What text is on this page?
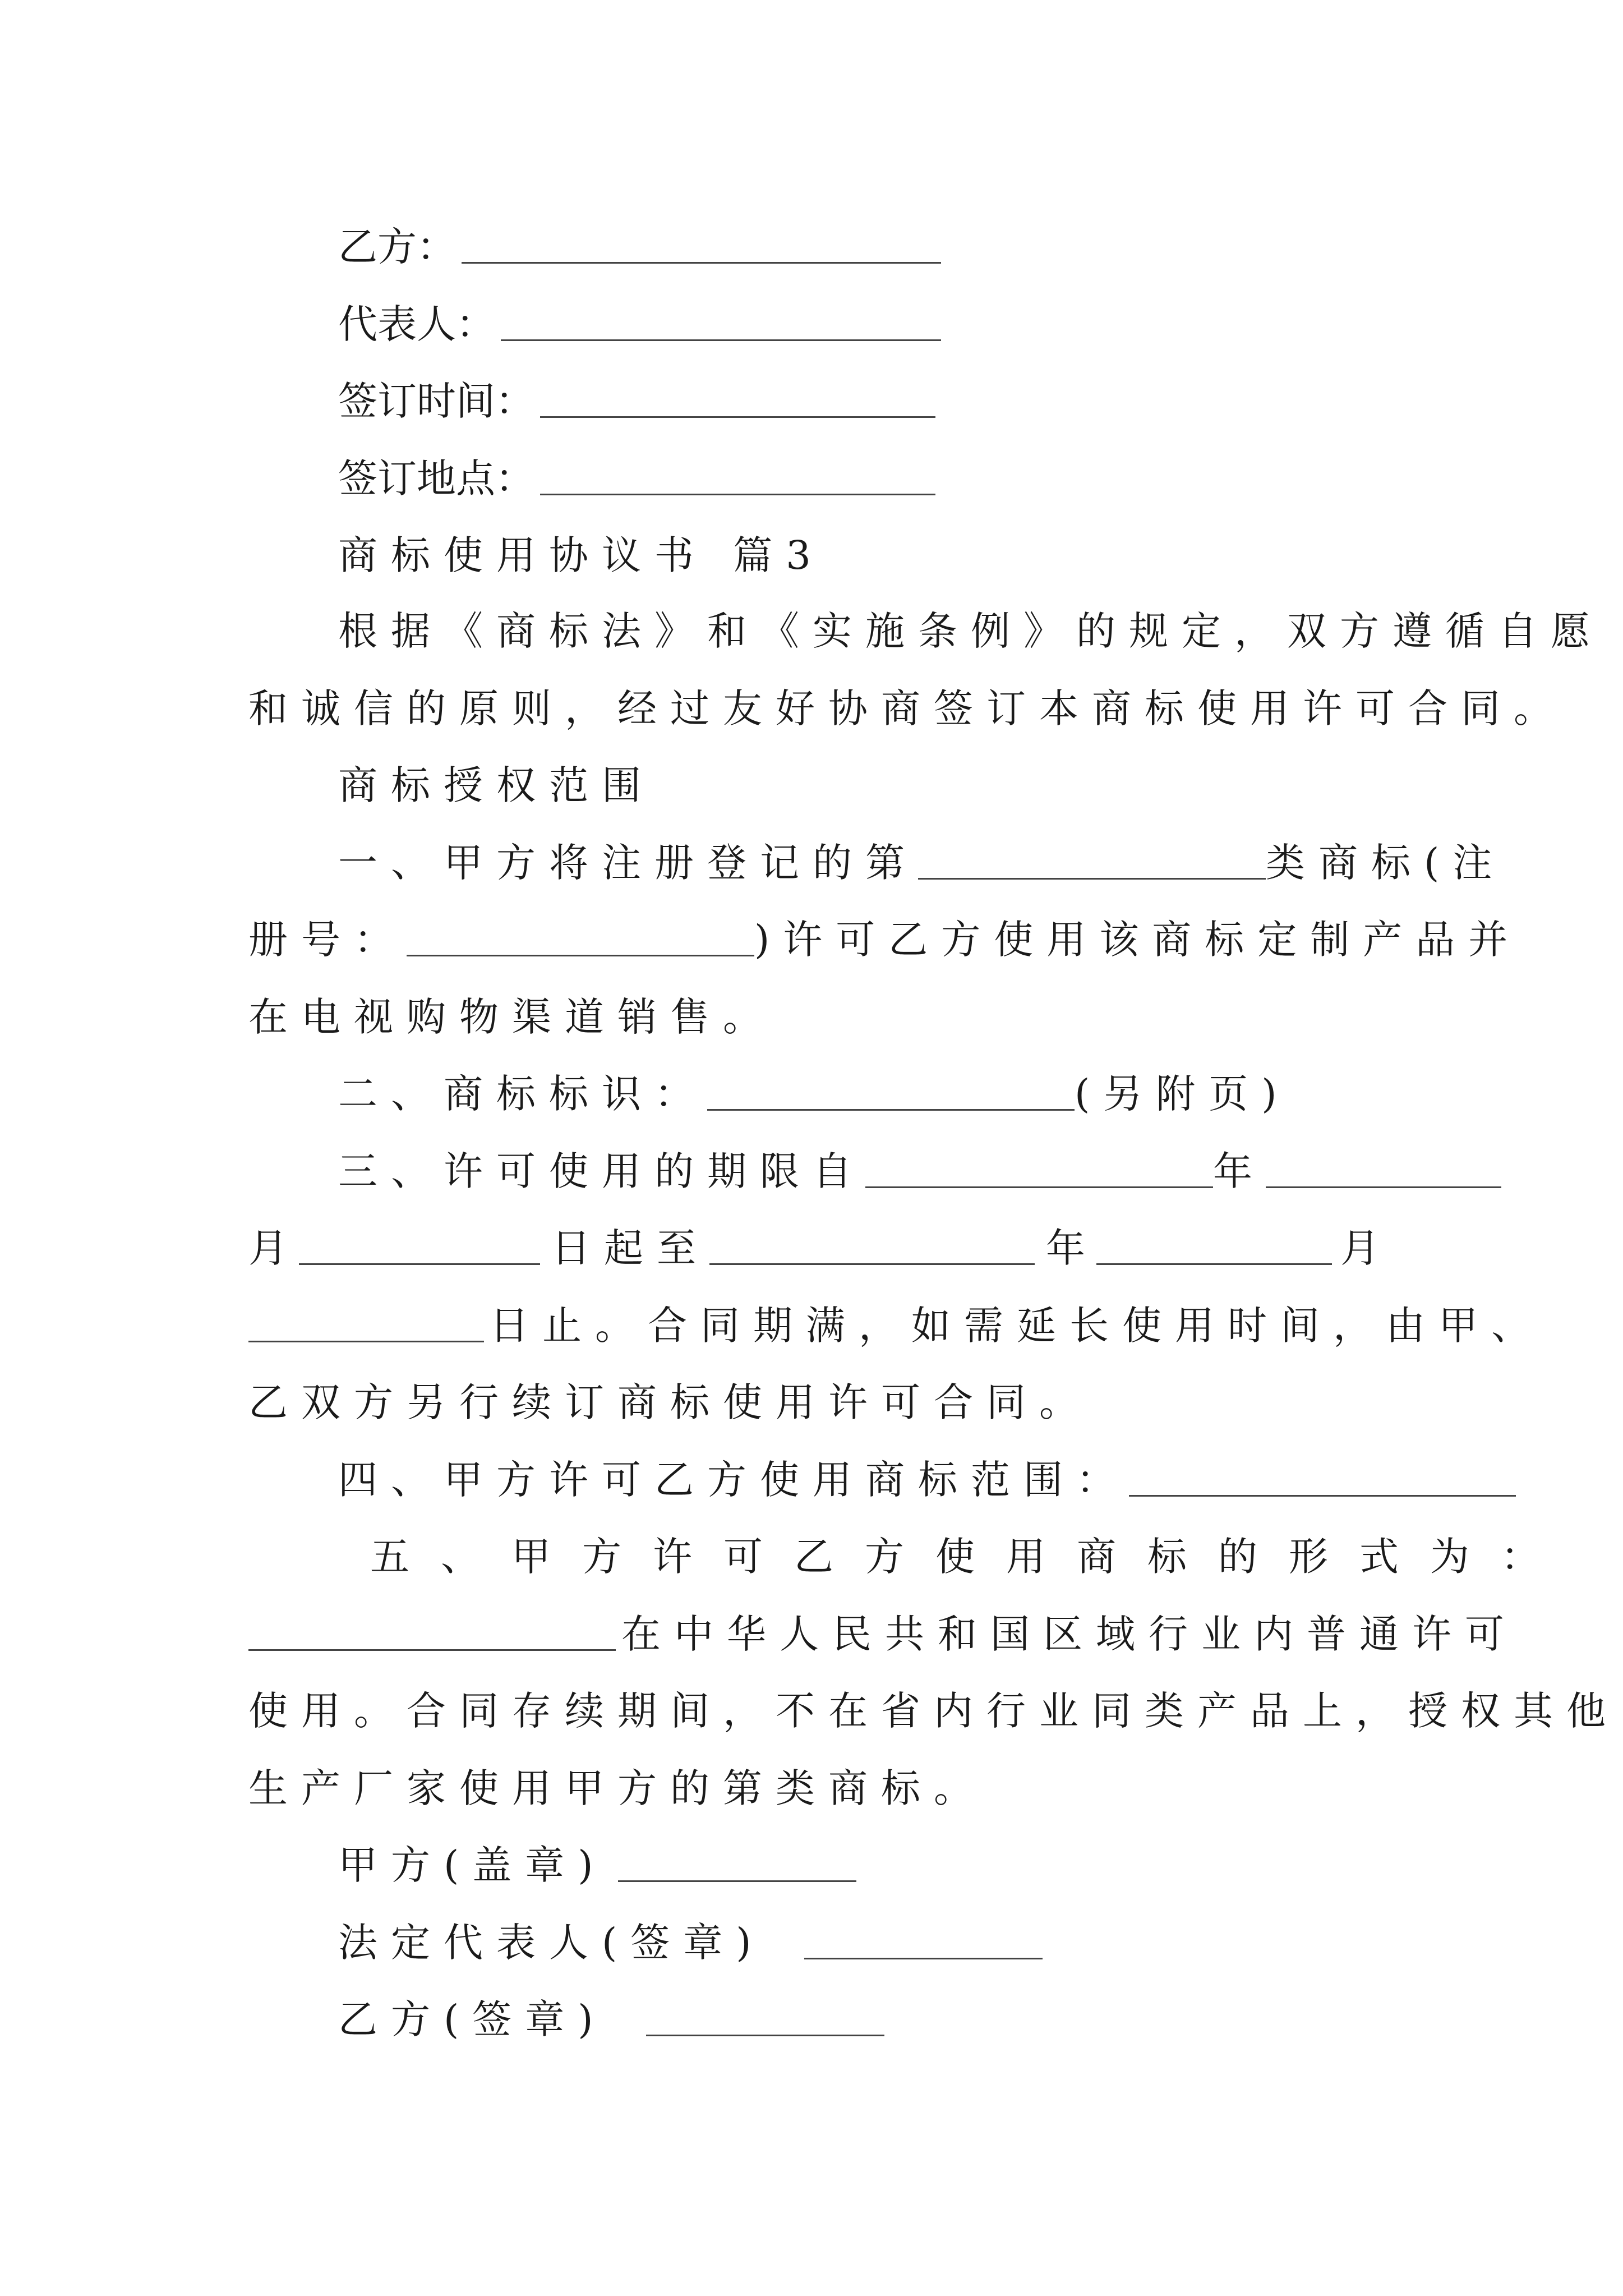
乙方：
代表人：
签订时间：
签订地点：
商标使用协议书 篇3
根据《商标法》和《实施条例》的规定，双方遵循自愿
和诚信的原则，经过友好协商签订本商标使用许可合同。
商标授权范围
一、甲方将注册登记的第	类商标(注
册号：	)许可乙方使用该商标定制产品并
在电视购物渠道销售。
二、商标标识：	(另附页)
三、许可使用的期限自	年
月	日起至	年	月
日止。合同期满，如需延长使用时间，由甲、
乙双方另行续订商标使用许可合同。
四、甲方许可乙方使用商标范围：
五、甲方许可乙方使用商标的形式为：
在中华人民共和国区域行业内普通许可
使用。合同存续期间，不在省内行业同类产品上，授权其他
生产厂家使用甲方的第类商标。
甲方(盖章)
法定代表人(签章)
乙方(签章)
